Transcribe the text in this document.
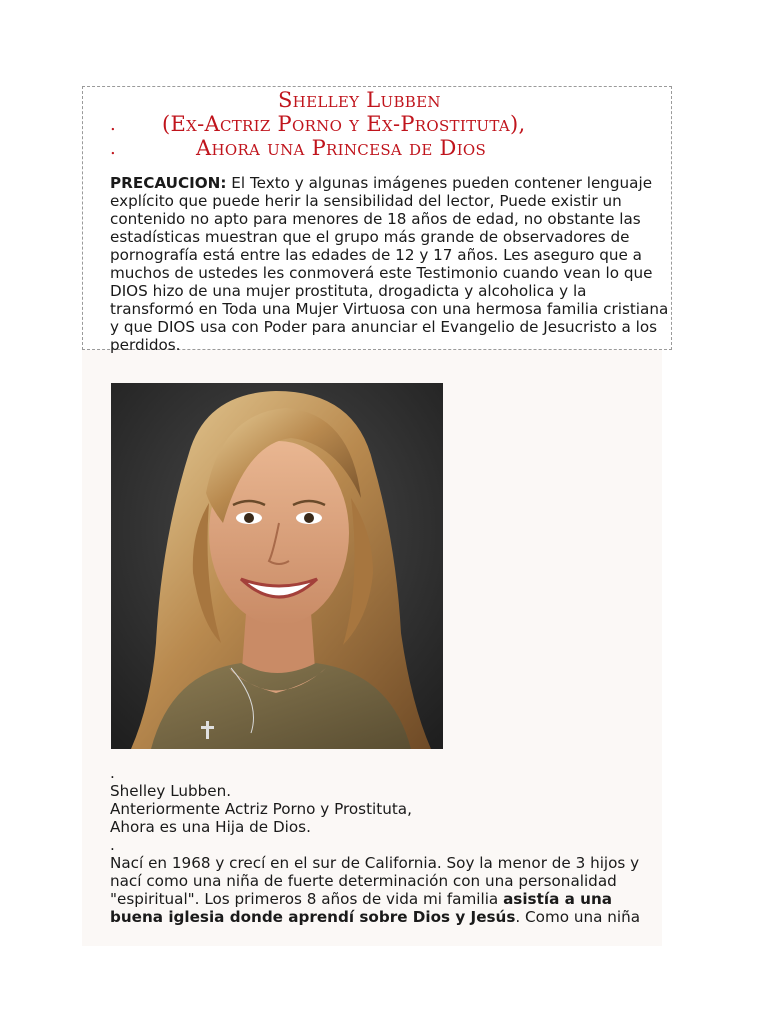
Shelley Lubben
. (Ex-Actriz Porno y Ex-Prostituta),
.	Ahora una Princesa de Dios
PRECAUCION: El Texto y algunas imágenes pueden contener lenguaje explícito que puede herir la sensibilidad del lector, Puede existir un contenido no apto para menores de 18 años de edad, no obstante las estadísticas muestran que el grupo más grande de observadores de pornografía está entre las edades de 12 y 17 años. Les aseguro que a muchos de ustedes les conmoverá este Testimonio cuando vean lo que DIOS hizo de una mujer prostituta, drogadicta y alcoholica y la transformó en Toda una Mujer Virtuosa con una hermosa familia cristiana y que DIOS usa con Poder para anunciar el Evangelio de Jesucristo a los perdidos.
.
Shelley Lubben.
Anteriormente Actriz Porno y Prostituta,
Ahora es una Hija de Dios.
.
Nací en 1968 y crecí en el sur de California. Soy la menor de 3 hijos y
nací como una niña de fuerte determinación con una personalidad
"espiritual". Los primeros 8 años de vida mi familia asistía a una
buena iglesia donde aprendí sobre Dios y Jesús. Como una niña
